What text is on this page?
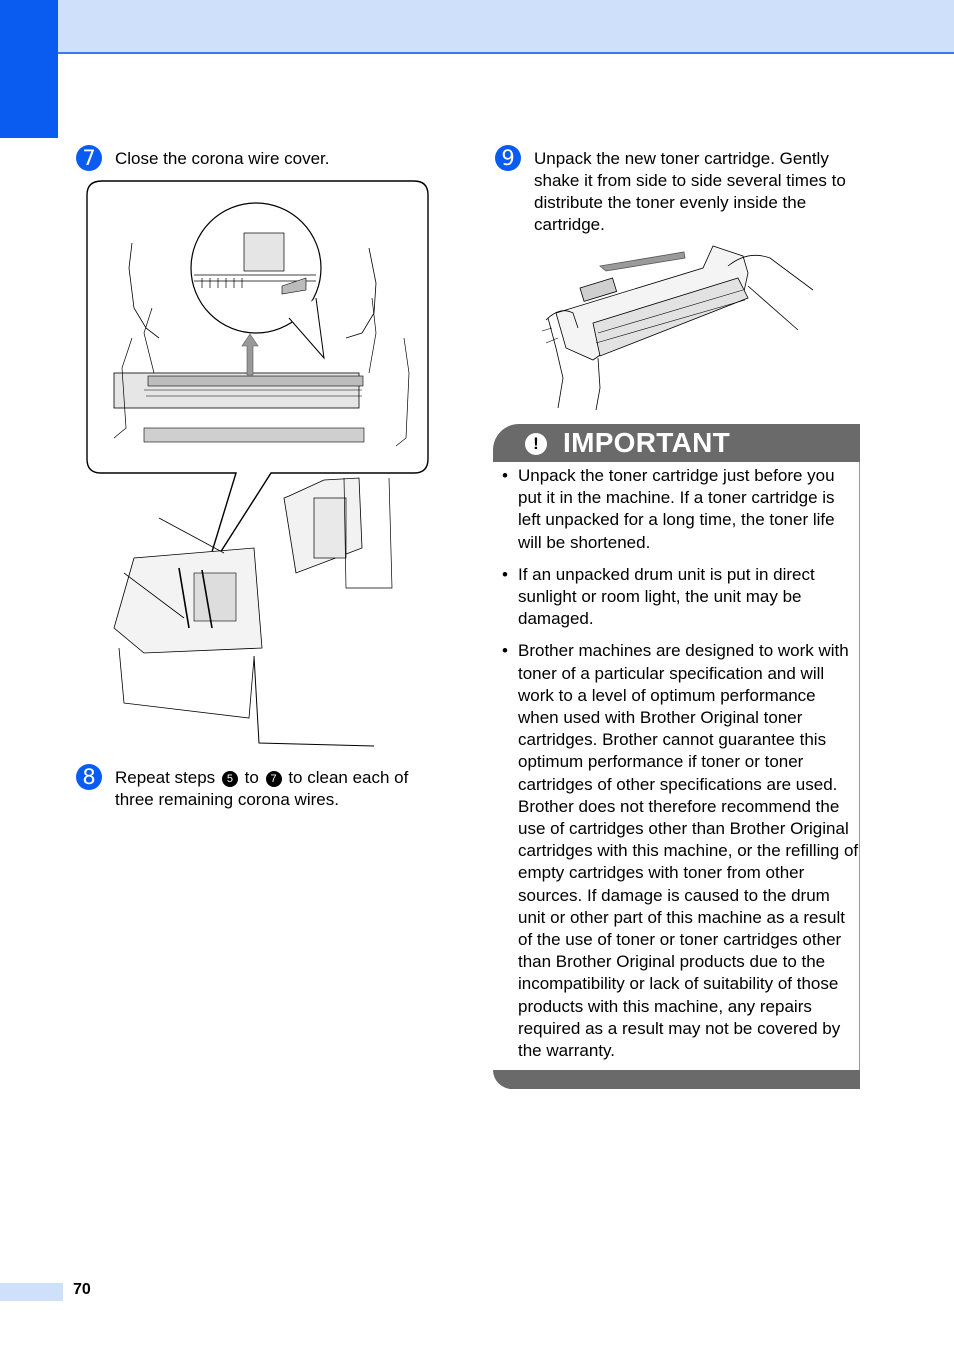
7	Close the corona wire cover.

8	Repeat steps 5 to 7 to clean each of three remaining corona wires.

9	Unpack the new toner cartridge. Gently shake it from side to side several times to distribute the toner evenly inside the cartridge.

! IMPORTANT
• Unpack the toner cartridge just before you put it in the machine. If a toner cartridge is left unpacked for a long time, the toner life will be shortened.
• If an unpacked drum unit is put in direct sunlight or room light, the unit may be damaged.
• Brother machines are designed to work with toner of a particular specification and will work to a level of optimum performance when used with Brother Original toner cartridges. Brother cannot guarantee this optimum performance if toner or toner cartridges of other specifications are used. Brother does not therefore recommend the use of cartridges other than Brother Original cartridges with this machine, or the refilling of empty cartridges with toner from other sources. If damage is caused to the drum unit or other part of this machine as a result of the use of toner or toner cartridges other than Brother Original products due to the incompatibility or lack of suitability of those products with this machine, any repairs required as a result may not be covered by the warranty.
70
